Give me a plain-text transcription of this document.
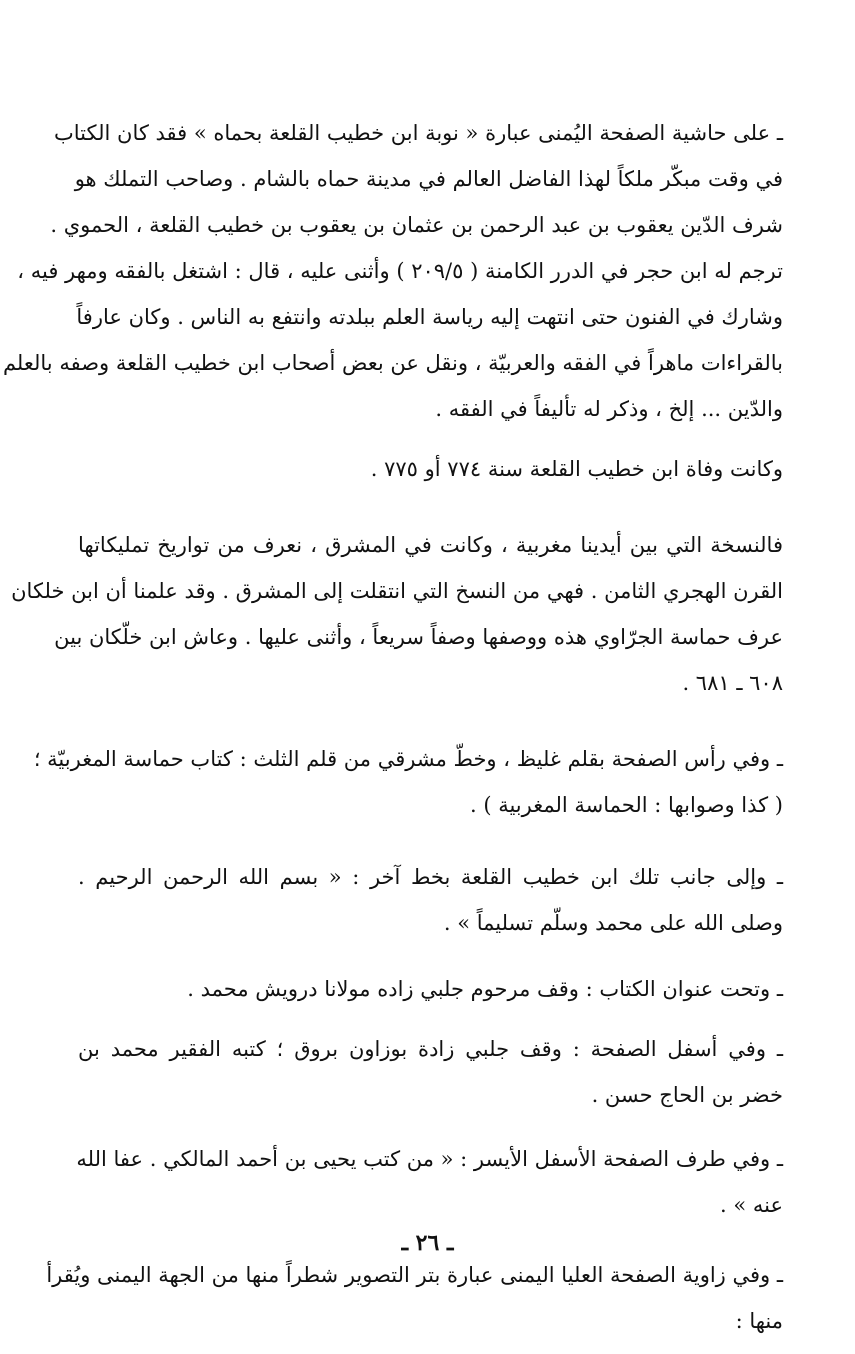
ـ على حاشية الصفحة اليُمنى عبارة « نوبة ابن خطيب القلعة بحماه » فقد كان الكتاب
في وقت مبكّر ملكاً لهذا الفاضل العالم في مدينة حماه بالشام . وصاحب التملك هو
شرف الدّين يعقوب بن عبد الرحمن بن عثمان بن يعقوب بن خطيب القلعة ، الحموي .
ترجم له ابن حجر في الدرر الكامنة ( ٢٠٩/٥ ) وأثنى عليه ، قال : اشتغل بالفقه ومهر فيه ،
وشارك في الفنون حتى انتهت إليه رياسة العلم ببلدته وانتفع به الناس . وكان عارفاً
بالقراءات ماهراً في الفقه والعربيّة ، ونقل عن بعض أصحاب ابن خطيب القلعة وصفه بالعلم
والدّين ... إلخ ، وذكر له تأليفاً في الفقه .
وكانت وفاة ابن خطيب القلعة سنة ٧٧٤ أو ٧٧٥ .
فالنسخة التي بين أيدينا مغربية ، وكانت في المشرق ، نعرف من تواريخ تمليكاتها
القرن الهجري الثامن . فهي من النسخ التي انتقلت إلى المشرق . وقد علمنا أن ابن خلكان
عرف حماسة الجرّاوي هذه ووصفها وصفاً سريعاً ، وأثنى عليها . وعاش ابن خلّكان بين
٦٠٨ ـ ٦٨١ .
ـ وفي رأس الصفحة بقلم غليظ ، وخطّ مشرقي من قلم الثلث : كتاب حماسة المغربيّة ؛
( كذا وصوابها : الحماسة المغربية ) .
ـ وإلى جانب تلك ابن خطيب القلعة بخط آخر : « بسم الله الرحمن الرحيم .
وصلى الله على محمد وسلّم تسليماً » .
ـ وتحت عنوان الكتاب : وقف مرحوم جلبي زاده مولانا درويش محمد .
ـ وفي أسفل الصفحة : وقف جلبي زادة بوزاون بروق ؛ كتبه الفقير محمد بن
خضر بن الحاج حسن .
ـ وفي طرف الصفحة الأسفل الأيسر : « من كتب يحيى بن أحمد المالكي . عفا الله
عنه » .
ـ وفي زاوية الصفحة العليا اليمنى عبارة بتر التصوير شطراً منها من الجهة اليمنى ويُقرأ
منها :
ـ ٢٦ ـ
